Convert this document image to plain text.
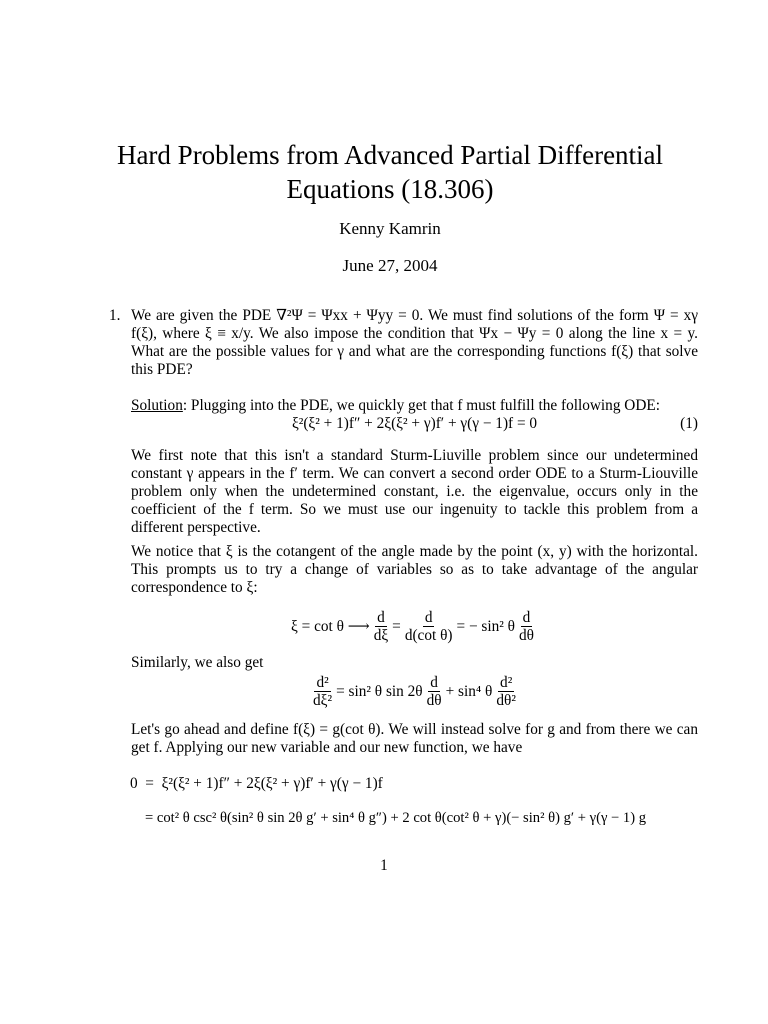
Hard Problems from Advanced Partial Differential Equations (18.306)
Kenny Kamrin
June 27, 2004
1. We are given the PDE ∇²Ψ = Ψxx + Ψyy = 0. We must find solutions of the form Ψ = xγ f(ξ), where ξ ≡ x/y. We also impose the condition that Ψx − Ψy = 0 along the line x = y. What are the possible values for γ and what are the corresponding functions f(ξ) that solve this PDE?

Solution: Plugging into the PDE, we quickly get that f must fulfill the following ODE:

ξ²(ξ² + 1)f″ + 2ξ(ξ² + γ)f′ + γ(γ − 1)f = 0	(1)

We first note that this isn't a standard Sturm-Liuville problem since our undetermined constant γ appears in the f′ term. We can convert a second order ODE to a Sturm-Liouville problem only when the undetermined constant, i.e. the eigenvalue, occurs only in the coefficient of the f term. So we must use our ingenuity to tackle this problem from a different perspective.

We notice that ξ is the cotangent of the angle made by the point (x, y) with the horizontal. This prompts us to try a change of variables so as to take advantage of the angular correspondence to ξ:

ξ = cot θ ⟶ $\frac{d}{d\xi} = \frac{d}{\text{d(cot θ)}}$ = − sin² θ $\frac{d}{d\theta}$

Similarly, we also get

$\frac{\text{d²}}{\text{dξ²}} = \sin^2$ θ $\sin 2\theta \frac{d}{d\theta} + \sin^4$ θ $\frac{\text{d²}}{\text{dθ²}}$

Let's go ahead and define f(ξ) = g(cot θ). We will instead solve for g and from there we can get f. Applying our new variable and our new function, we have

0  =  ξ²(ξ² + 1)f″ + 2ξ(ξ² + γ)f′ + γ(γ − 1)f
= cot² θ csc² θ(sin² θ sin 2θ g′ + sin⁴ θ g″) + 2 cot θ(cot² θ + γ)(− sin² θ) g′ + γ(γ − 1) g
1
